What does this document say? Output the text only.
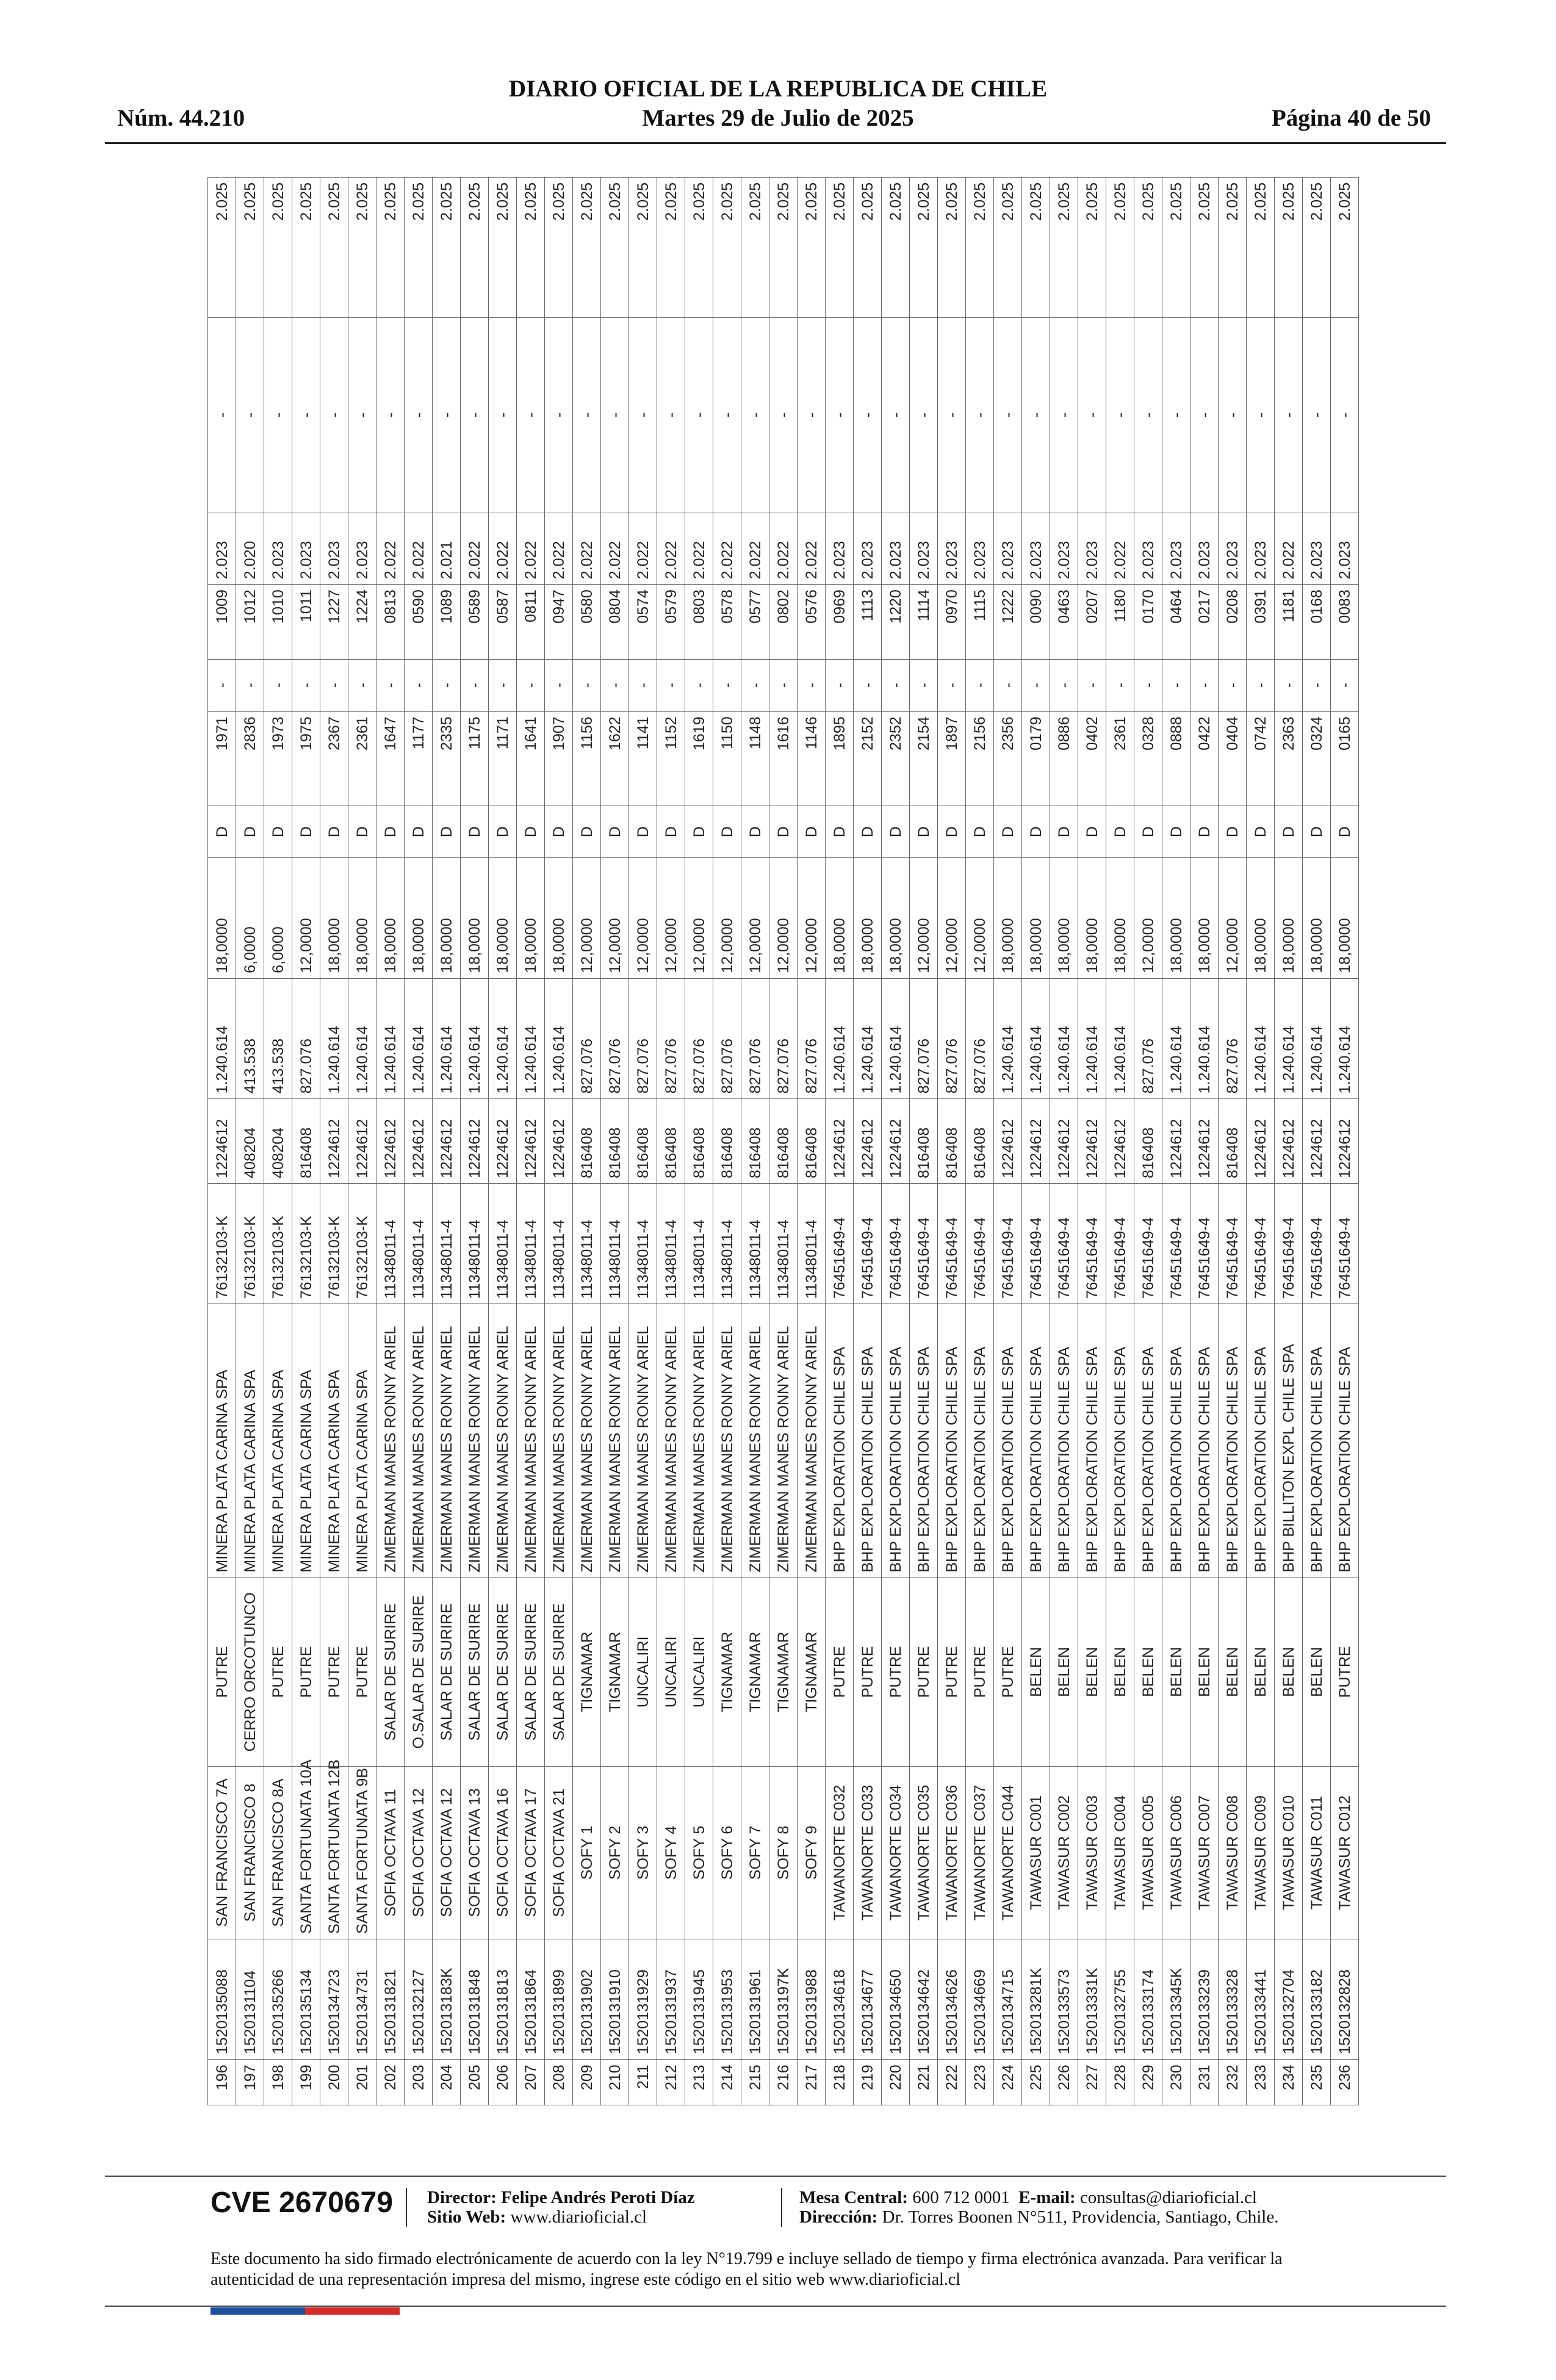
DIARIO OFICIAL DE LA REPUBLICA DE CHILE
Núm. 44.210	Martes 29 de Julio de 2025	Página 40 de 50
196	1520135088	SAN FRANCISCO 7A	PUTRE	MINERA PLATA CARINA SPA	76132103-K	1224612	1.240.614	18,0000	D	1971	-	1009	2.023	-	2.025
197	1520131104	SAN FRANCISCO 8	CERRO ORCOTUNCO	MINERA PLATA CARINA SPA	76132103-K	408204	413.538	6,0000	D	2836	-	1012	2.020	-	2.025
198	1520135266	SAN FRANCISCO 8A	PUTRE	MINERA PLATA CARINA SPA	76132103-K	408204	413.538	6,0000	D	1973	-	1010	2.023	-	2.025
199	1520135134	SANTA FORTUNATA 10A	PUTRE	MINERA PLATA CARINA SPA	76132103-K	816408	827.076	12,0000	D	1975	-	1011	2.023	-	2.025
200	1520134723	SANTA FORTUNATA 12B	PUTRE	MINERA PLATA CARINA SPA	76132103-K	1224612	1.240.614	18,0000	D	2367	-	1227	2.023	-	2.025
201	1520134731	SANTA FORTUNATA 9B	PUTRE	MINERA PLATA CARINA SPA	76132103-K	1224612	1.240.614	18,0000	D	2361	-	1224	2.023	-	2.025
202	1520131821	SOFIA OCTAVA 11	SALAR DE SURIRE	ZIMERMAN MANES RONNY ARIEL	11348011-4	1224612	1.240.614	18,0000	D	1647	-	0813	2.022	-	2.025
203	1520132127	SOFIA OCTAVA 12	O.SALAR DE SURIRE	ZIMERMAN MANES RONNY ARIEL	11348011-4	1224612	1.240.614	18,0000	D	1177	-	0590	2.022	-	2.025
204	152013183K	SOFIA OCTAVA 12	SALAR DE SURIRE	ZIMERMAN MANES RONNY ARIEL	11348011-4	1224612	1.240.614	18,0000	D	2335	-	1089	2.021	-	2.025
205	1520131848	SOFIA OCTAVA 13	SALAR DE SURIRE	ZIMERMAN MANES RONNY ARIEL	11348011-4	1224612	1.240.614	18,0000	D	1175	-	0589	2.022	-	2.025
206	1520131813	SOFIA OCTAVA 16	SALAR DE SURIRE	ZIMERMAN MANES RONNY ARIEL	11348011-4	1224612	1.240.614	18,0000	D	1171	-	0587	2.022	-	2.025
207	1520131864	SOFIA OCTAVA 17	SALAR DE SURIRE	ZIMERMAN MANES RONNY ARIEL	11348011-4	1224612	1.240.614	18,0000	D	1641	-	0811	2.022	-	2.025
208	1520131899	SOFIA OCTAVA 21	SALAR DE SURIRE	ZIMERMAN MANES RONNY ARIEL	11348011-4	1224612	1.240.614	18,0000	D	1907	-	0947	2.022	-	2.025
209	1520131902	SOFY 1	TIGNAMAR	ZIMERMAN MANES RONNY ARIEL	11348011-4	816408	827.076	12,0000	D	1156	-	0580	2.022	-	2.025
210	1520131910	SOFY 2	TIGNAMAR	ZIMERMAN MANES RONNY ARIEL	11348011-4	816408	827.076	12,0000	D	1622	-	0804	2.022	-	2.025
211	1520131929	SOFY 3	UNCALIRI	ZIMERMAN MANES RONNY ARIEL	11348011-4	816408	827.076	12,0000	D	1141	-	0574	2.022	-	2.025
212	1520131937	SOFY 4	UNCALIRI	ZIMERMAN MANES RONNY ARIEL	11348011-4	816408	827.076	12,0000	D	1152	-	0579	2.022	-	2.025
213	1520131945	SOFY 5	UNCALIRI	ZIMERMAN MANES RONNY ARIEL	11348011-4	816408	827.076	12,0000	D	1619	-	0803	2.022	-	2.025
214	1520131953	SOFY 6	TIGNAMAR	ZIMERMAN MANES RONNY ARIEL	11348011-4	816408	827.076	12,0000	D	1150	-	0578	2.022	-	2.025
215	1520131961	SOFY 7	TIGNAMAR	ZIMERMAN MANES RONNY ARIEL	11348011-4	816408	827.076	12,0000	D	1148	-	0577	2.022	-	2.025
216	152013197K	SOFY 8	TIGNAMAR	ZIMERMAN MANES RONNY ARIEL	11348011-4	816408	827.076	12,0000	D	1616	-	0802	2.022	-	2.025
217	1520131988	SOFY 9	TIGNAMAR	ZIMERMAN MANES RONNY ARIEL	11348011-4	816408	827.076	12,0000	D	1146	-	0576	2.022	-	2.025
218	1520134618	TAWANORTE C032	PUTRE	BHP EXPLORATION CHILE SPA	76451649-4	1224612	1.240.614	18,0000	D	1895	-	0969	2.023	-	2.025
219	1520134677	TAWANORTE C033	PUTRE	BHP EXPLORATION CHILE SPA	76451649-4	1224612	1.240.614	18,0000	D	2152	-	1113	2.023	-	2.025
220	1520134650	TAWANORTE C034	PUTRE	BHP EXPLORATION CHILE SPA	76451649-4	1224612	1.240.614	18,0000	D	2352	-	1220	2.023	-	2.025
221	1520134642	TAWANORTE C035	PUTRE	BHP EXPLORATION CHILE SPA	76451649-4	816408	827.076	12,0000	D	2154	-	1114	2.023	-	2.025
222	1520134626	TAWANORTE C036	PUTRE	BHP EXPLORATION CHILE SPA	76451649-4	816408	827.076	12,0000	D	1897	-	0970	2.023	-	2.025
223	1520134669	TAWANORTE C037	PUTRE	BHP EXPLORATION CHILE SPA	76451649-4	816408	827.076	12,0000	D	2156	-	1115	2.023	-	2.025
224	1520134715	TAWANORTE C044	PUTRE	BHP EXPLORATION CHILE SPA	76451649-4	1224612	1.240.614	18,0000	D	2356	-	1222	2.023	-	2.025
225	152013281K	TAWASUR C001	BELEN	BHP EXPLORATION CHILE SPA	76451649-4	1224612	1.240.614	18,0000	D	0179	-	0090	2.023	-	2.025
226	1520133573	TAWASUR C002	BELEN	BHP EXPLORATION CHILE SPA	76451649-4	1224612	1.240.614	18,0000	D	0886	-	0463	2.023	-	2.025
227	152013331K	TAWASUR C003	BELEN	BHP EXPLORATION CHILE SPA	76451649-4	1224612	1.240.614	18,0000	D	0402	-	0207	2.023	-	2.025
228	1520132755	TAWASUR C004	BELEN	BHP EXPLORATION CHILE SPA	76451649-4	1224612	1.240.614	18,0000	D	2361	-	1180	2.022	-	2.025
229	1520133174	TAWASUR C005	BELEN	BHP EXPLORATION CHILE SPA	76451649-4	816408	827.076	12,0000	D	0328	-	0170	2.023	-	2.025
230	152013345K	TAWASUR C006	BELEN	BHP EXPLORATION CHILE SPA	76451649-4	1224612	1.240.614	18,0000	D	0888	-	0464	2.023	-	2.025
231	1520133239	TAWASUR C007	BELEN	BHP EXPLORATION CHILE SPA	76451649-4	1224612	1.240.614	18,0000	D	0422	-	0217	2.023	-	2.025
232	1520133328	TAWASUR C008	BELEN	BHP EXPLORATION CHILE SPA	76451649-4	816408	827.076	12,0000	D	0404	-	0208	2.023	-	2.025
233	1520133441	TAWASUR C009	BELEN	BHP EXPLORATION CHILE SPA	76451649-4	1224612	1.240.614	18,0000	D	0742	-	0391	2.023	-	2.025
234	1520132704	TAWASUR C010	BELEN	BHP BILLITON EXPL CHILE SPA	76451649-4	1224612	1.240.614	18,0000	D	2363	-	1181	2.022	-	2.025
235	1520133182	TAWASUR C011	BELEN	BHP EXPLORATION CHILE SPA	76451649-4	1224612	1.240.614	18,0000	D	0324	-	0168	2.023	-	2.025
236	1520132828	TAWASUR C012	PUTRE	BHP EXPLORATION CHILE SPA	76451649-4	1224612	1.240.614	18,0000	D	0165	-	0083	2.023	-	2.025
CVE 2670679 Director: Felipe Andrés Peroti Díaz
Sitio Web: www.diarioficial.cl
Mesa Central: 600 712 0001 E-mail: consultas@diarioficial.cl
Dirección: Dr. Torres Boonen N°511, Providencia, Santiago, Chile.
Este documento ha sido firmado electrónicamente de acuerdo con la ley N°19.799 e incluye sellado de tiempo y firma electrónica avanzada. Para verificar la autenticidad de una representación impresa del mismo, ingrese este código en el sitio web www.diarioficial.cl
